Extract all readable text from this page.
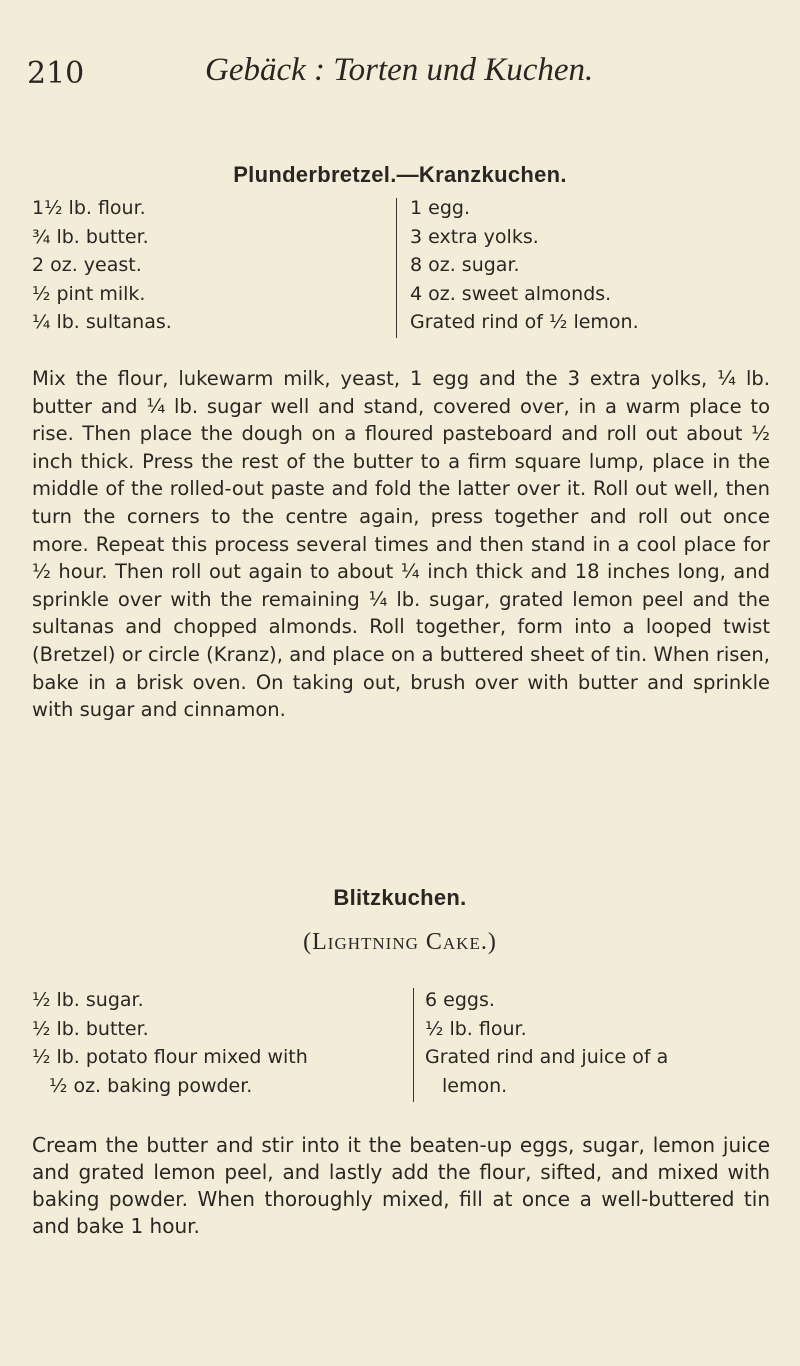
210	Gebäck : Torten und Kuchen.
Plunderbretzel.—Kranzkuchen.
1½ lb. flour.
¾ lb. butter.
2 oz. yeast.
½ pint milk.
¼ lb. sultanas.
1 egg.
3 extra yolks.
8 oz. sugar.
4 oz. sweet almonds.
Grated rind of ½ lemon.

Mix the flour, lukewarm milk, yeast, 1 egg and the 3 extra yolks, ¼ lb. butter and ¼ lb. sugar well and stand, covered over, in a warm place to rise. Then place the dough on a floured pasteboard and roll out about ½ inch thick. Press the rest of the butter to a firm square lump, place in the middle of the rolled-out paste and fold the latter over it. Roll out well, then turn the corners to the centre again, press together and roll out once more. Repeat this process several times and then stand in a cool place for ½ hour. Then roll out again to about ¼ inch thick and 18 inches long, and sprinkle over with the remaining ¼ lb. sugar, grated lemon peel and the sultanas and chopped almonds. Roll together, form into a looped twist (Bretzel) or circle (Kranz), and place on a buttered sheet of tin. When risen, bake in a brisk oven. On taking out, brush over with butter and sprinkle with sugar and cinnamon.

Blitzkuchen.
(Lightning Cake.)
½ lb. sugar.
½ lb. butter.
½ lb. potato flour mixed with
½ oz. baking powder.
6 eggs.
½ lb. flour.
Grated rind and juice of a
lemon.

Cream the butter and stir into it the beaten-up eggs, sugar, lemon juice and grated lemon peel, and lastly add the flour, sifted, and mixed with baking powder. When thoroughly mixed, fill at once a well-buttered tin and bake 1 hour.
